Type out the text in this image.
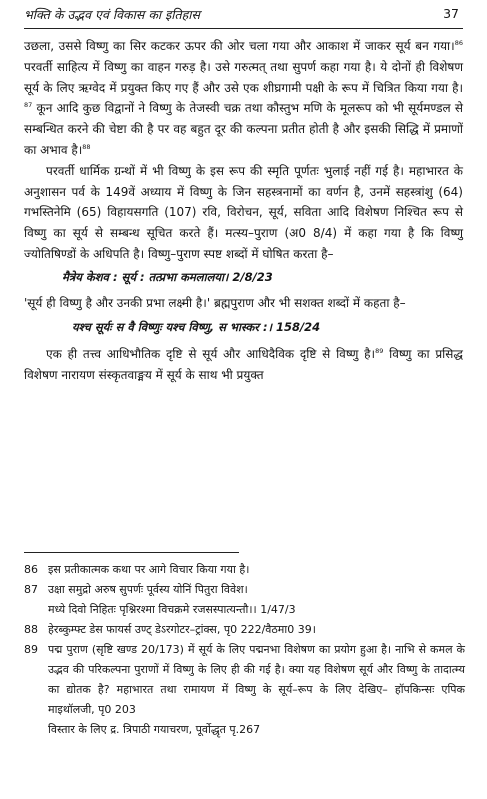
भक्ति के उद्भव एवं विकास का इतिहास	37

उछला, उससे विष्णु का सिर कटकर ऊपर की ओर चला गया और आकाश में जाकर सूर्य बन गया।$^{86}$ परवर्ती साहित्य में विष्णु का वाहन गरुड़ है। उसे गरुत्मत् तथा सुपर्ण कहा गया है। ये दोनों ही विशेषण सूर्य के लिए ऋग्वेद में प्रयुक्त किए गए हैं और उसे एक शीघ्रगामी पक्षी के रूप में चित्रित किया गया है।$^{87}$ कून आदि कुछ विद्वानों ने विष्णु के तेजस्वी चक्र तथा कौस्तुभ मणि के मूलरूप को भी सूर्यमण्डल से सम्बन्धित करने की चेष्टा की है पर वह बहुत दूर की कल्पना प्रतीत होती है और इसकी सिद्धि में प्रमाणों का अभाव है।$^{88}$

परवर्ती धार्मिक ग्रन्थों में भी विष्णु के इस रूप की स्मृति पूर्णतः भुलाई नहीं गई है। महाभारत के अनुशासन पर्व के 149वें अध्याय में विष्णु के जिन सहस्त्रनामों का वर्णन है, उनमें सहस्त्रांशु (64) गभस्तिनेमि (65) विहायसगति (107) रवि, विरोचन, सूर्य, सविता आदि विशेषण निश्चित रूप से विष्णु का सूर्य से सम्बन्ध सूचित करते हैं। मत्स्य–पुराण (अ0 8/4) में कहा गया है कि विष्णु ज्योतिषिण्डों के अधिपति है। विष्णु–पुराण स्पष्ट शब्दों में घोषित करता है–

मैत्रेय केशव : सूर्य : तत्प्रभा कमलालया। 2/8/23

'सूर्य ही विष्णु है और उनकी प्रभा लक्ष्मी है।' ब्रह्मपुराण और भी सशक्त शब्दों में कहता है–

यश्च सूर्यः स वै विष्णुः यश्च विष्णु, स भास्कर :। 158/24

एक ही तत्त्व आधिभौतिक दृष्टि से सूर्य और आधिदैविक दृष्टि से विष्णु है।$^{89}$ विष्णु का प्रसिद्ध विशेषण नारायण संस्कृतवाङ्मय में सूर्य के साथ भी प्रयुक्त

86 इस प्रतीकात्मक कथा पर आगे विचार किया गया है।
87 उक्षा समुद्रो अरुष सुपर्णः पूर्वस्य योनिं पितुरा विवेश।
मध्ये दिवो निहितः पृश्निरश्मा विचक्रमे रजसस्पात्यन्तौ।। 1/47/3
88 हेरब्कुम्फ्ट डेस फायर्स उण्ट् डेऽरगोटर–ट्रांक्स, पृ0 222/वैठमा0 39।
89 पद्म पुराण (सृष्टि खण्ड 20/173) में सूर्य के लिए पद्मनभा विशेषण का प्रयोग हुआ है। नाभि से कमल के उद्भव की परिकल्पना पुराणों में विष्णु के लिए ही की गई है। क्या यह विशेषण सूर्य और विष्णु के तादात्म्य का द्योतक है? महाभारत तथा रामायण में विष्णु के सूर्य–रूप के लिए देखिए– हॉपकिन्सः एपिक माइथॉलजी, पृ0 203
विस्तार के लिए द्र. त्रिपाठी गयाचरण, पूर्वोद्धृत पृ.267
